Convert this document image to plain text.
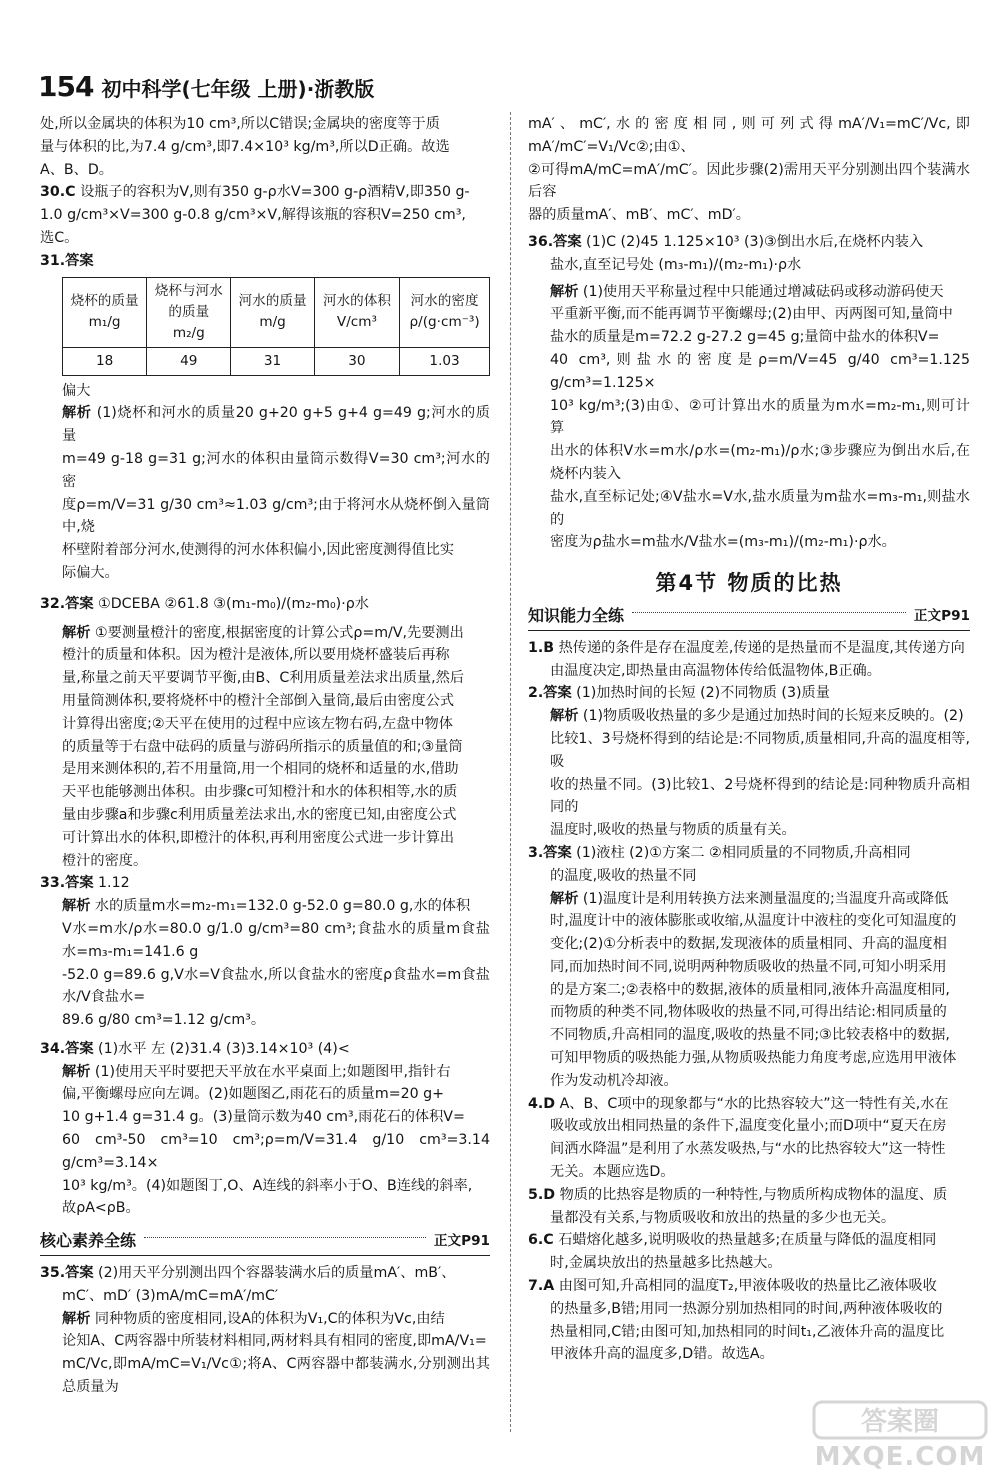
154 初中科学(七年级 上册)·浙教版

处,所以金属块的体积为10 cm³,所以C错误;金属块的密度等于质

量与体积的比,为7.4 g/cm³,即7.4×10³ kg/m³,所以D正确。故选

A、B、D。

30.C 设瓶子的容积为V,则有350 g-ρ水V=300 g-ρ酒精V,即350 g-

1.0 g/cm³×V=300 g-0.8 g/cm³×V,解得该瓶的容积V=250 cm³,

选C。

31.答案

烧杯的质量m₁/g	烧杯与河水的质量m₂/g	河水的质量m/g	河水的体积V/cm³	河水的密度ρ/(g·cm⁻³)
18	49	31	30	1.03

偏大

解析 (1)烧杯和河水的质量20 g+20 g+5 g+4 g=49 g;河水的质量

m=49 g-18 g=31 g;河水的体积由量筒示数得V=30 cm³;河水的密

度ρ=m/V=31 g/30 cm³≈1.03 g/cm³;由于将河水从烧杯倒入量筒中,烧

杯壁附着部分河水,使测得的河水体积偏小,因此密度测得值比实

际偏大。

32.答案 ①DCEBA ②61.8 ③(m₁-m₀)/(m₂-m₀)·ρ水

解析 ①要测量橙汁的密度,根据密度的计算公式ρ=m/V,先要测出

橙汁的质量和体积。因为橙汁是液体,所以要用烧杯盛装后再称

量,称量之前天平要调节平衡,由B、C利用质量差法求出质量,然后

用量筒测体积,要将烧杯中的橙汁全部倒入量筒,最后由密度公式

计算得出密度;②天平在使用的过程中应该左物右码,左盘中物体

的质量等于右盘中砝码的质量与游码所指示的质量值的和;③量筒

是用来测体积的,若不用量筒,用一个相同的烧杯和适量的水,借助

天平也能够测出体积。由步骤c可知橙汁和水的体积相等,水的质

量由步骤a和步骤c利用质量差法求出,水的密度已知,由密度公式

可计算出水的体积,即橙汁的体积,再利用密度公式进一步计算出

橙汁的密度。

33.答案 1.12

解析 水的质量m水=m₂-m₁=132.0 g-52.0 g=80.0 g,水的体积

V水=m水/ρ水=80.0 g/1.0 g/cm³=80 cm³;食盐水的质量m食盐水=m₃-m₁=141.6 g

-52.0 g=89.6 g,V水=V食盐水,所以食盐水的密度ρ食盐水=m食盐水/V食盐水=

89.6 g/80 cm³=1.12 g/cm³。

34.答案 (1)水平 左 (2)31.4 (3)3.14×10³ (4)<

解析 (1)使用天平时要把天平放在水平桌面上;如题图甲,指针右

偏,平衡螺母应向左调。(2)如题图乙,雨花石的质量m=20 g+

10 g+1.4 g=31.4 g。(3)量筒示数为40 cm³,雨花石的体积V=

60 cm³-50 cm³=10 cm³;ρ=m/V=31.4 g/10 cm³=3.14 g/cm³=3.14×

10³ kg/m³。(4)如题图丁,O、A连线的斜率小于O、B连线的斜率,

故ρA<ρB。

核心素养全练	正文P91

35.答案 (2)用天平分别测出四个容器装满水后的质量mA′、mB′、

mC′、mD′ (3)mA/mC=mA′/mC′

解析 同种物质的密度相同,设A的体积为V₁,C的体积为Vc,由结

论知A、C两容器中所装材料相同,两材料具有相同的密度,即mA/V₁=

mC/Vc,即mA/mC=V₁/Vc①;将A、C两容器中都装满水,分别测出其总质量为

mA′、mC′,水的密度相同,则可列式得mA′/V₁=mC′/Vc,即mA′/mC′=V₁/Vc②;由①、

②可得mA/mC=mA′/mC′。因此步骤(2)需用天平分别测出四个装满水后容

器的质量mA′、mB′、mC′、mD′。

36.答案 (1)C (2)45 1.125×10³ (3)③倒出水后,在烧杯内装入

盐水,直至记号处 (m₃-m₁)/(m₂-m₁)·ρ水

解析 (1)使用天平称量过程中只能通过增减砝码或移动游码使天

平重新平衡,而不能再调节平衡螺母;(2)由甲、丙两图可知,量筒中

盐水的质量是m=72.2 g-27.2 g=45 g;量筒中盐水的体积V=

40 cm³,则盐水的密度是ρ=m/V=45 g/40 cm³=1.125 g/cm³=1.125×

10³ kg/m³;(3)由①、②可计算出水的质量为m水=m₂-m₁,则可计算

出水的体积V水=m水/ρ水=(m₂-m₁)/ρ水;③步骤应为倒出水后,在烧杯内装入

盐水,直至标记处;④V盐水=V水,盐水质量为m盐水=m₃-m₁,则盐水的

密度为ρ盐水=m盐水/V盐水=(m₃-m₁)/(m₂-m₁)·ρ水。

第4节 物质的比热
知识能力全练	正文P91

1.B 热传递的条件是存在温度差,传递的是热量而不是温度,其传递方向

由温度决定,即热量由高温物体传给低温物体,B正确。

2.答案 (1)加热时间的长短 (2)不同物质 (3)质量

解析 (1)物质吸收热量的多少是通过加热时间的长短来反映的。(2)

比较1、3号烧杯得到的结论是:不同物质,质量相同,升高的温度相等,吸

收的热量不同。(3)比较1、2号烧杯得到的结论是:同种物质升高相同的

温度时,吸收的热量与物质的质量有关。

3.答案 (1)液柱 (2)①方案二 ②相同质量的不同物质,升高相同

的温度,吸收的热量不同

解析 (1)温度计是利用转换方法来测量温度的;当温度升高或降低

时,温度计中的液体膨胀或收缩,从温度计中液柱的变化可知温度的

变化;(2)①分析表中的数据,发现液体的质量相同、升高的温度相

同,而加热时间不同,说明两种物质吸收的热量不同,可知小明采用

的是方案二;②表格中的数据,液体的质量相同,液体升高温度相同,

而物质的种类不同,物体吸收的热量不同,可得出结论:相同质量的

不同物质,升高相同的温度,吸收的热量不同;③比较表格中的数据,

可知甲物质的吸热能力强,从物质吸热能力角度考虑,应选用甲液体

作为发动机冷却液。

4.D A、B、C项中的现象都与“水的比热容较大”这一特性有关,水在

吸收或放出相同热量的条件下,温度变化量小;而D项中“夏天在房

间洒水降温”是利用了水蒸发吸热,与“水的比热容较大”这一特性

无关。本题应选D。

5.D 物质的比热容是物质的一种特性,与物质所构成物体的温度、质

量都没有关系,与物质吸收和放出的热量的多少也无关。

6.C 石蜡熔化越多,说明吸收的热量越多;在质量与降低的温度相同

时,金属块放出的热量越多比热越大。

7.A 由图可知,升高相同的温度T₂,甲液体吸收的热量比乙液体吸收

的热量多,B错;用同一热源分别加热相同的时间,两种液体吸收的

热量相同,C错;由图可知,加热相同的时间t₁,乙液体升高的温度比

甲液体升高的温度多,D错。故选A。

答案圈
MXQE.COM
